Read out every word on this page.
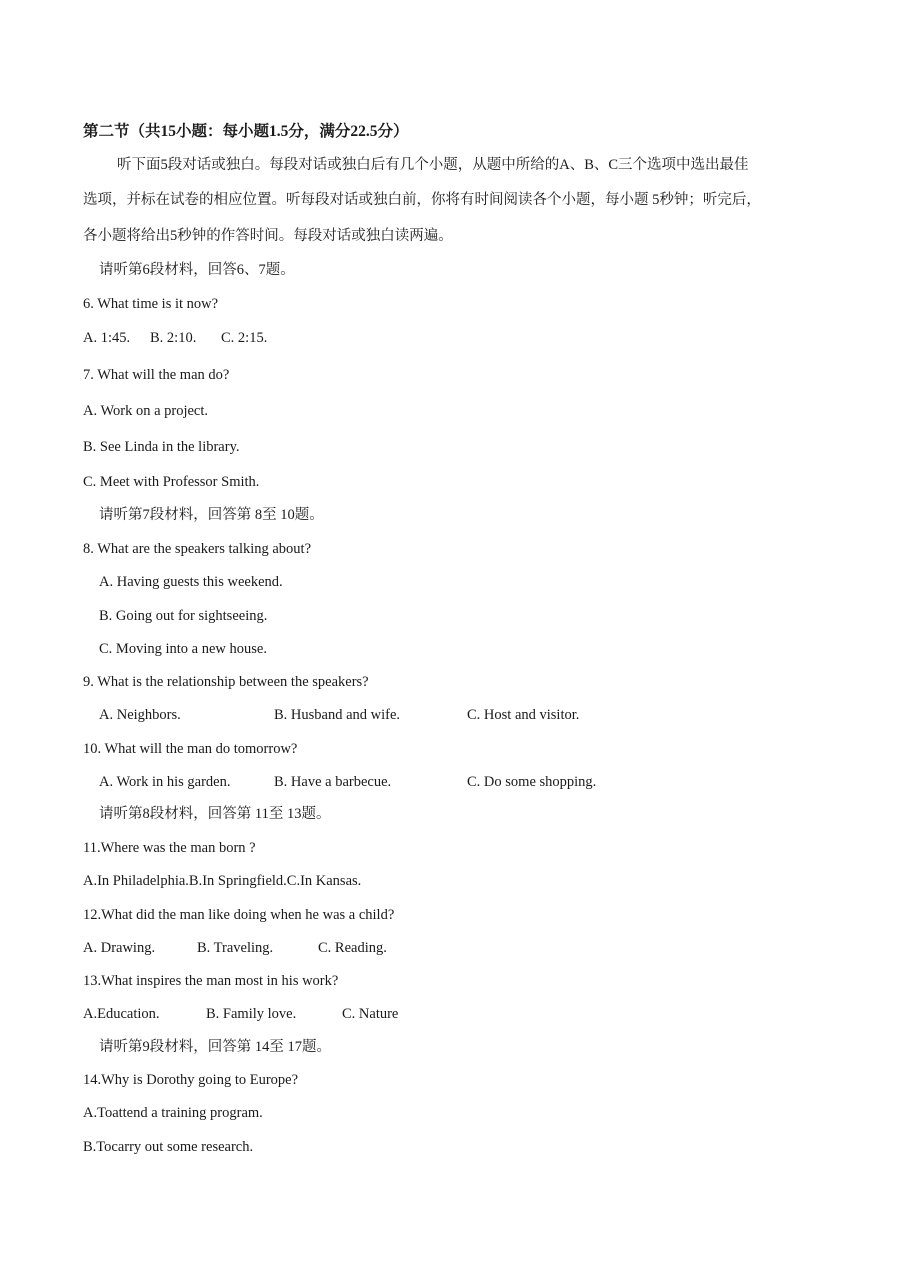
第二节（共15小题：每小题1.5分，满分22.5分）
听下面5段对话或独白。每段对话或独白后有几个小题，从题中所给的A、B、C三个选项中选出最佳
选项，并标在试卷的相应位置。听每段对话或独白前，你将有时间阅读各个小题，每小题 5秒钟；听完后，
各小题将给出5秒钟的作答时间。每段对话或独白读两遍。
请听第6段材料，回答6、7题。
6. What time is it now?
A. 1:45. B. 2:10. C. 2:15.
7. What will the man do?
A. Work on a project.
B. See Linda in the library.
C. Meet with Professor Smith.
请听第7段材料，回答第 8至 10题。
8. What are the speakers talking about?
A. Having guests this weekend.
B. Going out for sightseeing.
C. Moving into a new house.
9. What is the relationship between the speakers?
A. Neighbors.	B. Husband and wife.	C. Host and visitor.
10. What will the man do tomorrow?
A. Work in his garden.	B. Have a barbecue.	C. Do some shopping.
请听第8段材料，回答第 11至 13题。
11.Where was the man born ?
A.In Philadelphia.B.In Springfield.C.In Kansas.
12.What did the man like doing when he was a child?
A. Drawing.	B. Traveling.	C. Reading.
13.What inspires the man most in his work?
A.Education.	B. Family love.	C. Nature
请听第9段材料，回答第 14至 17题。
14.Why is Dorothy going to Europe?
A.Toattend a training program.
B.Tocarry out some research.
